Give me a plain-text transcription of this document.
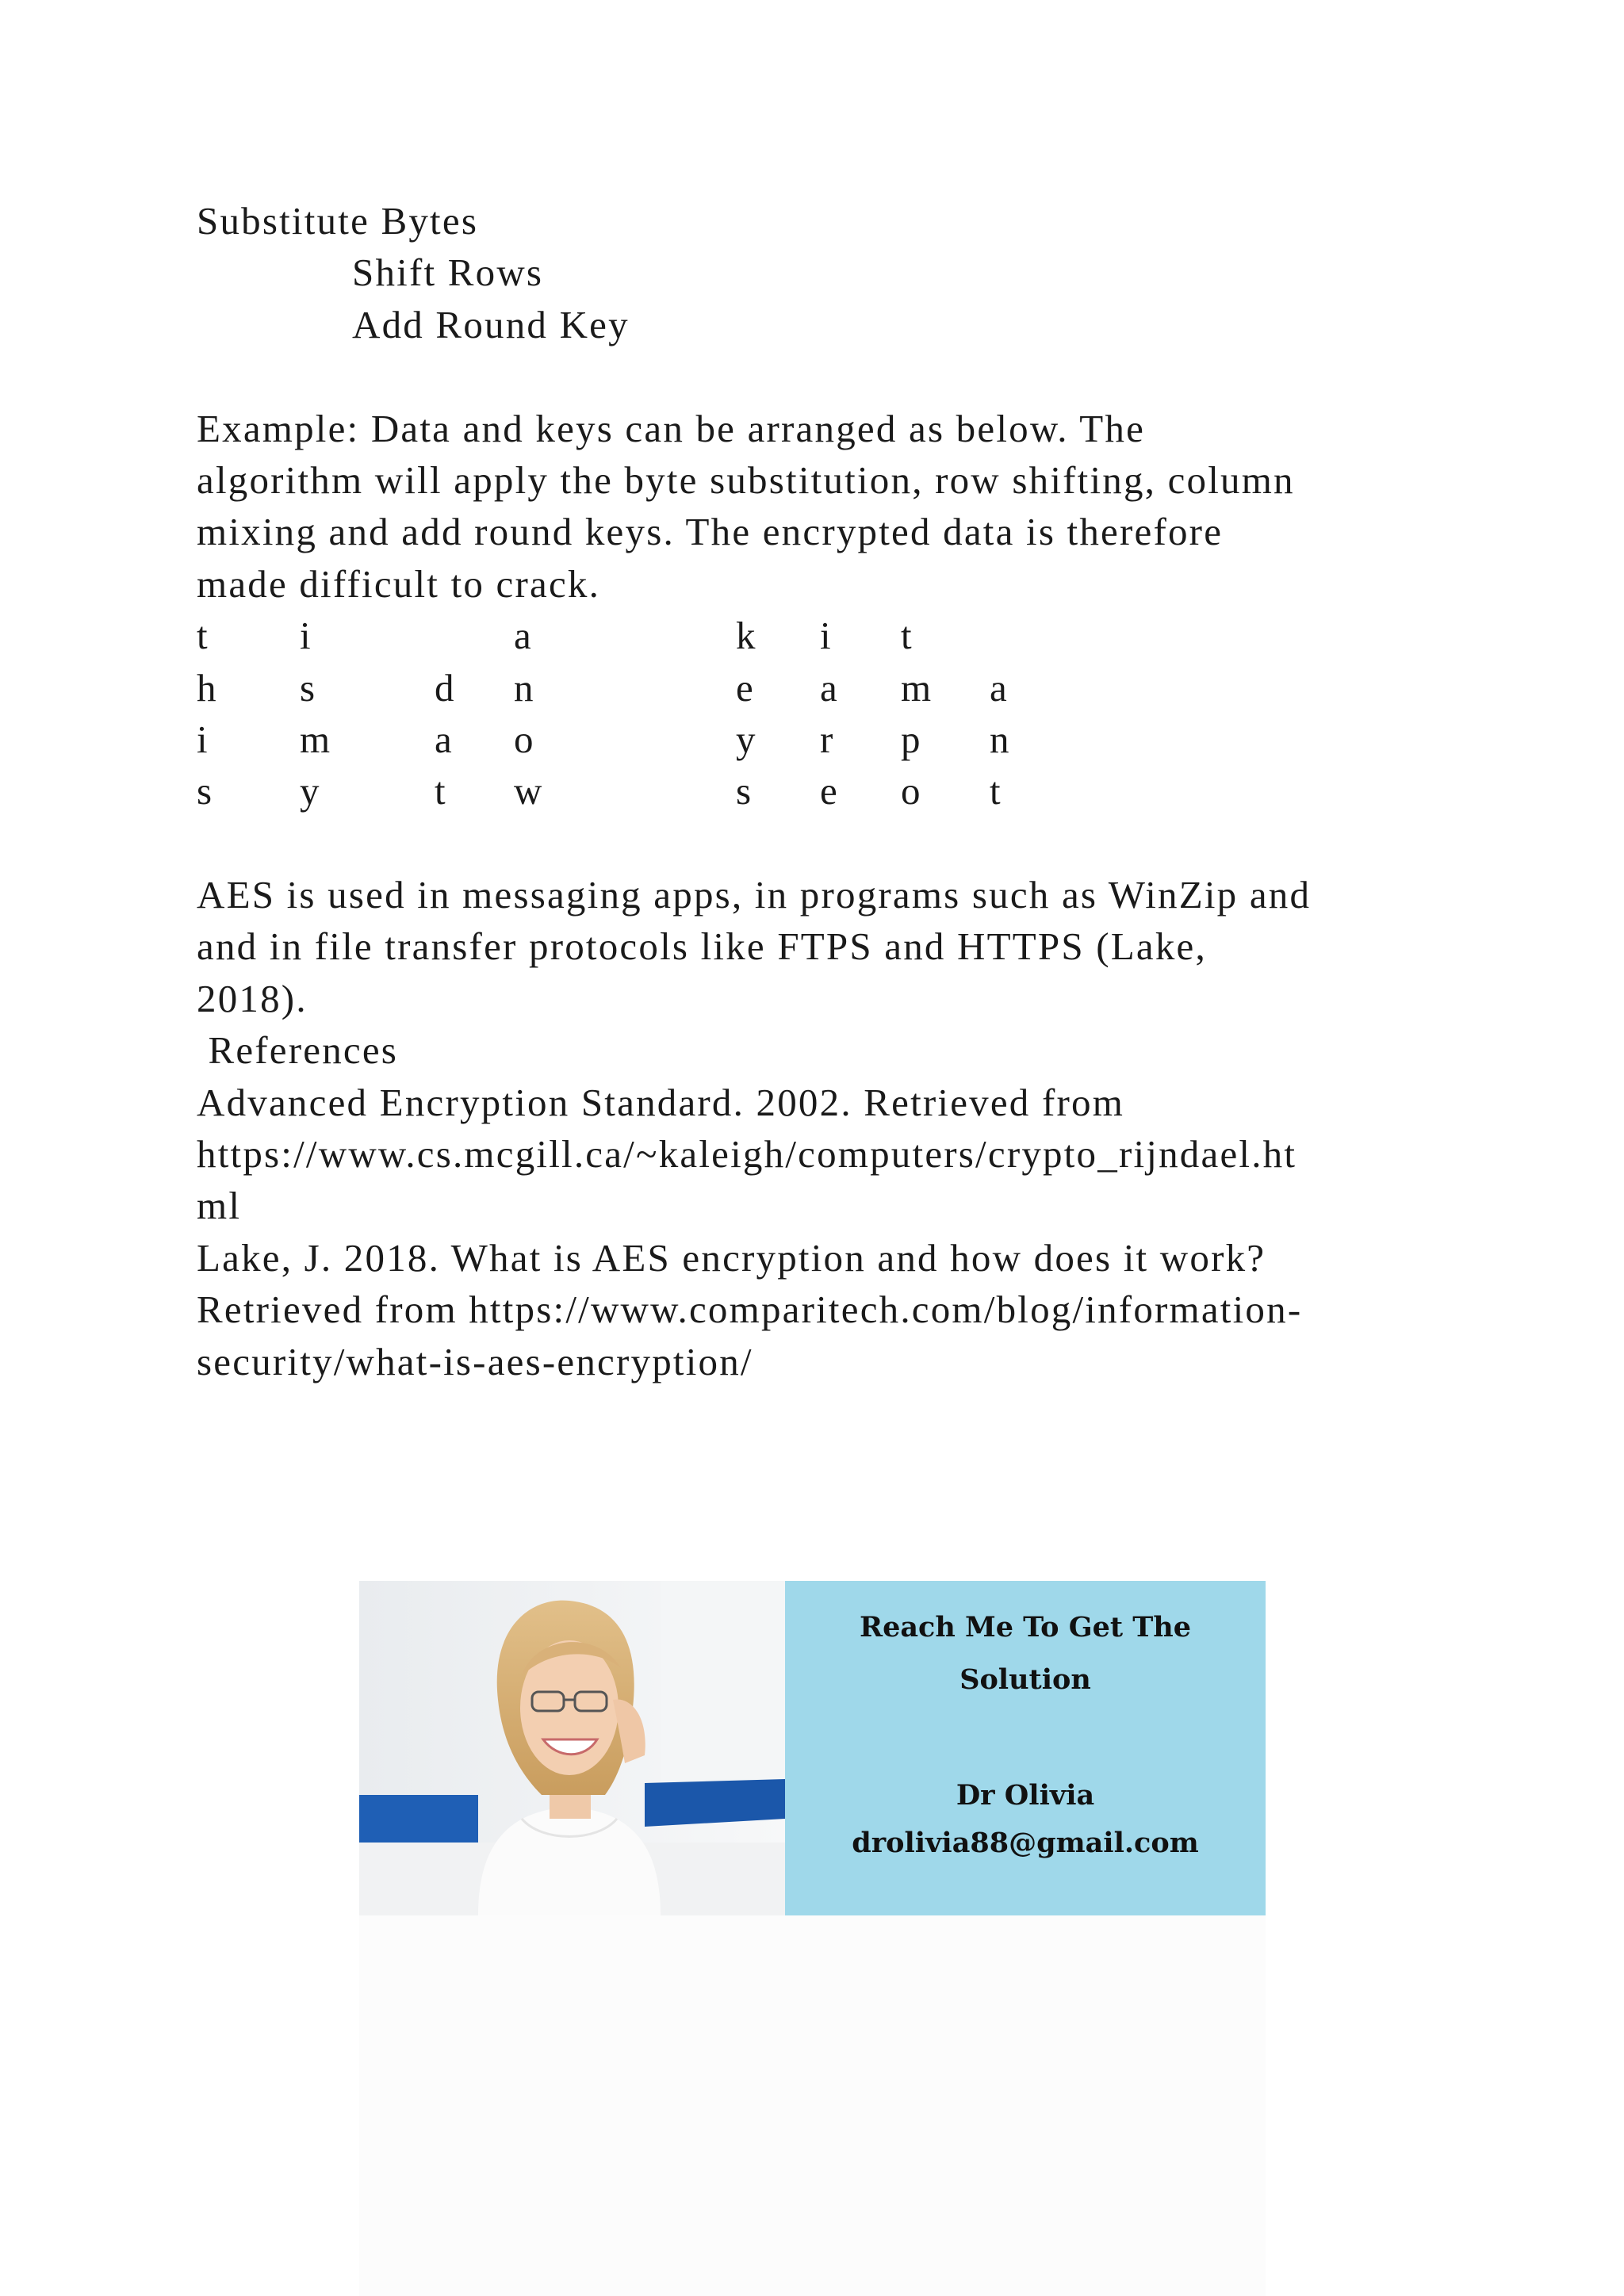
Substitute Bytes
Shift Rows
Add Round Key
Example: Data and keys can be arranged as below. The
algorithm will apply the byte substitution, row shifting, column
mixing and add round keys. The encrypted data is therefore
made difficult to crack.
t i	a	k i t
h s	d n	e a m a
i m	a o	y r p n
s y	t w	s e o t
AES is used in messaging apps, in programs such as WinZip and
and in file transfer protocols like FTPS and HTTPS (Lake,
2018).
References
Advanced Encryption Standard. 2002. Retrieved from
https://www.cs.mcgill.ca/~kaleigh/computers/crypto_rijndael.ht
ml
Lake, J. 2018. What is AES encryption and how does it work?
Retrieved from https://www.comparitech.com/blog/information-
security/what-is-aes-encryption/
Reach Me To Get The
Solution
Dr Olivia
drolivia88@gmail.com
